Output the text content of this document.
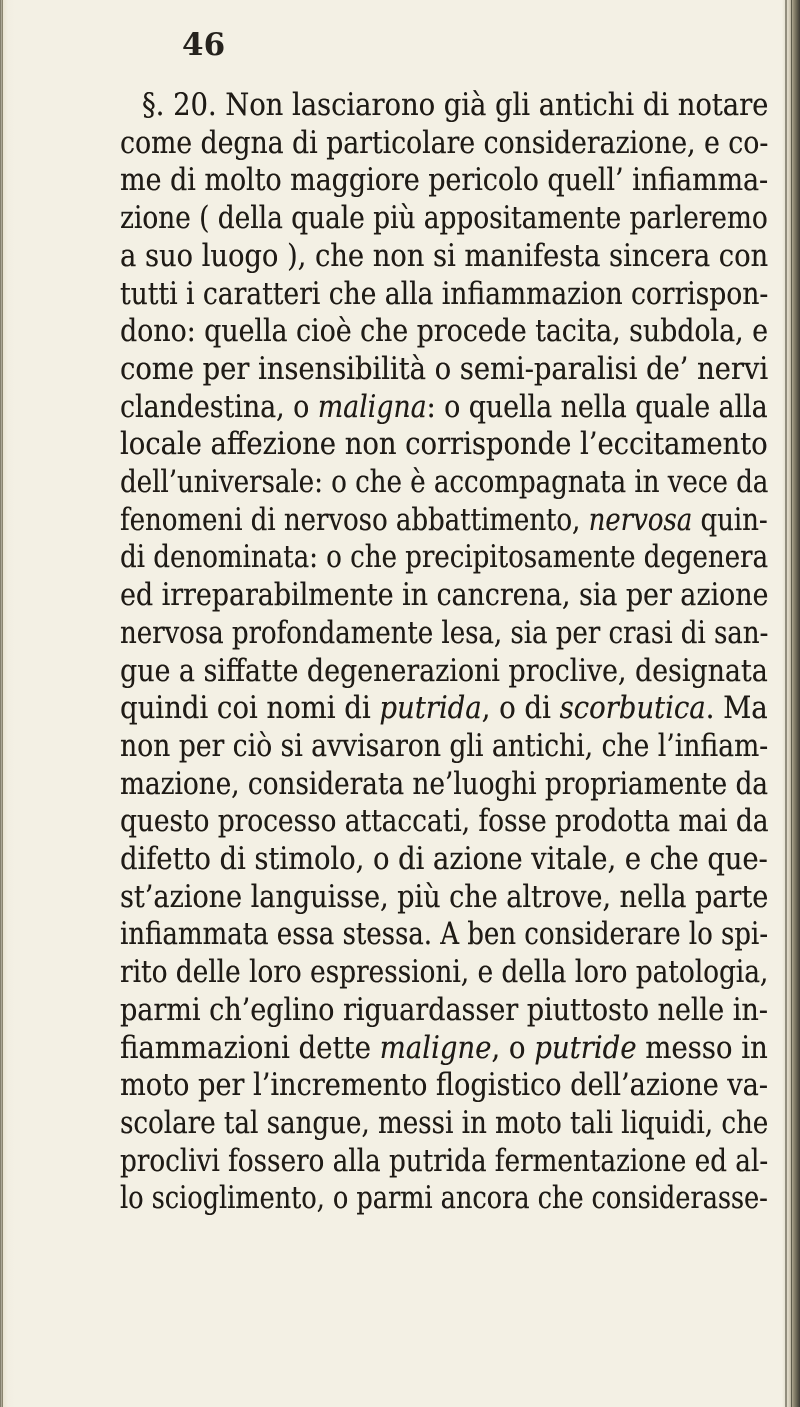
46
§. 20. Non lasciarono già gli antichi di notare
come degna di particolare considerazione, e co-
me di molto maggiore pericolo quell’ infiamma-
zione ( della quale più appositamente parleremo
a suo luogo ), che non si manifesta sincera con
tutti i caratteri che alla infiammazion corrispon-
dono: quella cioè che procede tacita, subdola, e
come per insensibilità o semi-paralisi de’ nervi
clandestina, o maligna: o quella nella quale alla
locale affezione non corrisponde l’eccitamento
dell’universale: o che è accompagnata in vece da
fenomeni di nervoso abbattimento, nervosa quin-
di denominata: o che precipitosamente degenera
ed irreparabilmente in cancrena, sia per azione
nervosa profondamente lesa, sia per crasi di san-
gue a siffatte degenerazioni proclive, designata
quindi coi nomi di putrida, o di scorbutica. Ma
non per ciò si avvisaron gli antichi, che l’infiam-
mazione, considerata ne’luoghi propriamente da
questo processo attaccati, fosse prodotta mai da
difetto di stimolo, o di azione vitale, e che que-
st’azione languisse, più che altrove, nella parte
infiammata essa stessa. A ben considerare lo spi-
rito delle loro espressioni, e della loro patologia,
parmi ch’eglino riguardasser piuttosto nelle in-
fiammazioni dette maligne, o putride messo in
moto per l’incremento flogistico dell’azione va-
scolare tal sangue, messi in moto tali liquidi, che
proclivi fossero alla putrida fermentazione ed al-
lo scioglimento, o parmi ancora che considerasse-
